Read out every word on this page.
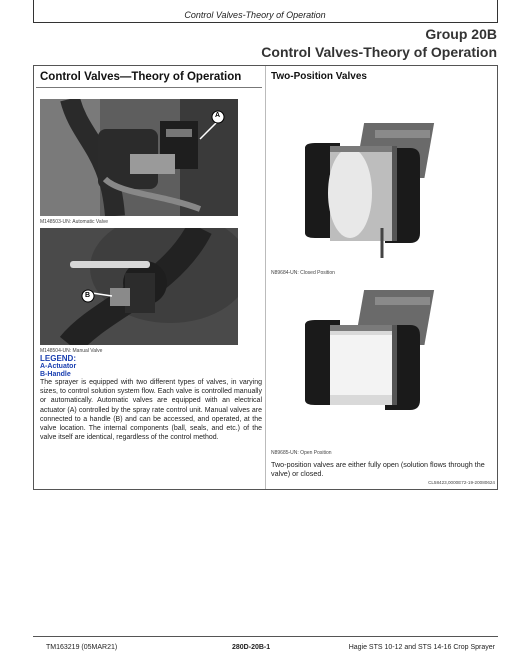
Control Valves-Theory of Operation
Group 20B
Control Valves-Theory of Operation
Control Valves—Theory of Operation
A
M148503-UN: Automatic Valve
B
M148504-UN: Manual Valve
LEGEND:
A-Actuator
B-Handle
The sprayer is equipped with two different types of valves, in varying sizes, to control solution system flow. Each valve is controlled manually or automatically. Automatic valves are equipped with an electrical actuator (A) controlled by the spray rate control unit. Manual valves are connected to a handle (B) and can be accessed, and operated, at the valve location. The internal components (ball, seals, and etc.) of the valve itself are identical, regardless of the control method.
Two-Position Valves
N89684-UN: Closed Position
N89685-UN: Open Position
Two-position valves are either fully open (solution flows through the valve) or closed.
CL58423,0000E72-19-20080624
TM163219 (05MAR21)	280D-20B-1	Hagie STS 10-12 and STS 14-16 Crop Sprayer
